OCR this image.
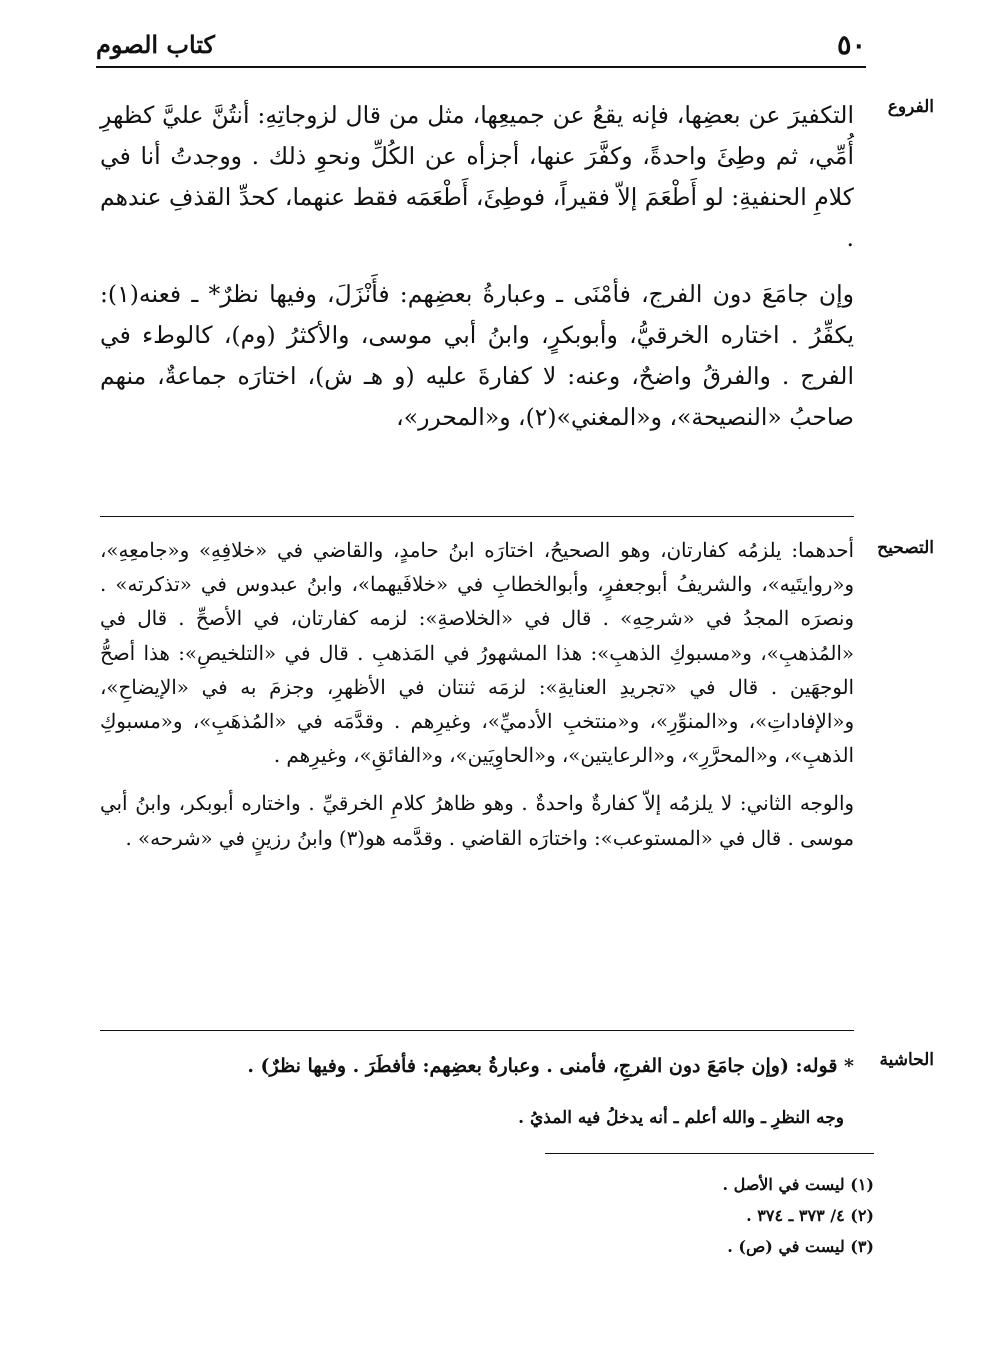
٥٠
كتاب الصوم
الفروع

التكفيرَ عن بعضِها، فإنه يقعُ عن جميعِها، مثل من قال لزوجاتِهِ: أنتُنَّ عليَّ كظهرِ أُمِّي، ثم وطِئَ واحدةً، وكفَّرَ عنها، أجزأه عن الكُلِّ ونحوِ ذلك . ووجدتُ أنا في كلامِ الحنفيةِ: لو أَطْعَمَ إلاّ فقيراً، فوطِئَ، أَطْعَمَه فقط عنهما، كحدِّ القذفِ عندهم .

وإن جامَعَ دون الفرج، فأمْنَى ـ وعبارةُ بعضِهم: فأَنْزَلَ، وفيها نظرٌ* ـ فعنه(١): يكفِّرُ . اختاره الخرقيُّ، وأبوبكرٍ، وابنُ أبي موسى، والأكثرُ (وم)، كالوطء في الفرج . والفرقُ واضحٌ، وعنه: لا كفارةَ عليه (و هـ ش)، اختارَه جماعةٌ، منهم صاحبُ «النصيحة»، و«المغني»(٢)، و«المحرر»،

التصحيح

أحدهما: يلزمُه كفارتان، وهو الصحيحُ، اختارَه ابنُ حامدٍ، والقاضي في «خلافِهِ» و«جامعِهِ»، و«روايتَيه»، والشريفُ أبوجعفرٍ، وأبوالخطابِ في «خلافَيهما»، وابنُ عبدوس في «تذكرته» . ونصرَه المجدُ في «شرحِهِ» . قال في «الخلاصةِ»: لزمه كفارتان، في الأصحِّ . قال في «المُذهبِ»، و«مسبوكِ الذهبِ»: هذا المشهورُ في المَذهبِ . قال في «التلخيصِ»: هذا أصحُّ الوجهَين . قال في «تجريدِ العنايةِ»: لزمَه ثنتان في الأظهرِ، وجزمَ به في «الإيضاحِ»، و«الإفاداتِ»، و«المنوِّرِ»، و«منتخبِ الأدميِّ»، وغيرِهم . وقدَّمَه في «المُذهَبِ»، و«مسبوكِ الذهبِ»، و«المحرَّرِ»، و«الرعايتين»، و«الحاوِيَين»، و«الفائقِ»، وغيرِهم .

والوجه الثاني: لا يلزمُه إلاّ كفارةٌ واحدةٌ . وهو ظاهرُ كلامِ الخرقيِّ . واختاره أبوبكر، وابنُ أبي موسى . قال في «المستوعب»: واختارَه القاضي . وقدَّمه هو(٣) وابنُ رزينٍ في «شرحه» .

الحاشية
* قوله: (وإن جامَعَ دون الفرجِ، فأمنى . وعبارةُ بعضِهم: فأفطَرَ . وفيها نظرٌ) .
وجه النظرِ ـ والله أعلم ـ أنه يدخلُ فيه المذيُ .
(١) ليست في الأصل .
(٢) ٤/ ٣٧٣ ـ ٣٧٤ .
(٣) ليست في (ص) .
